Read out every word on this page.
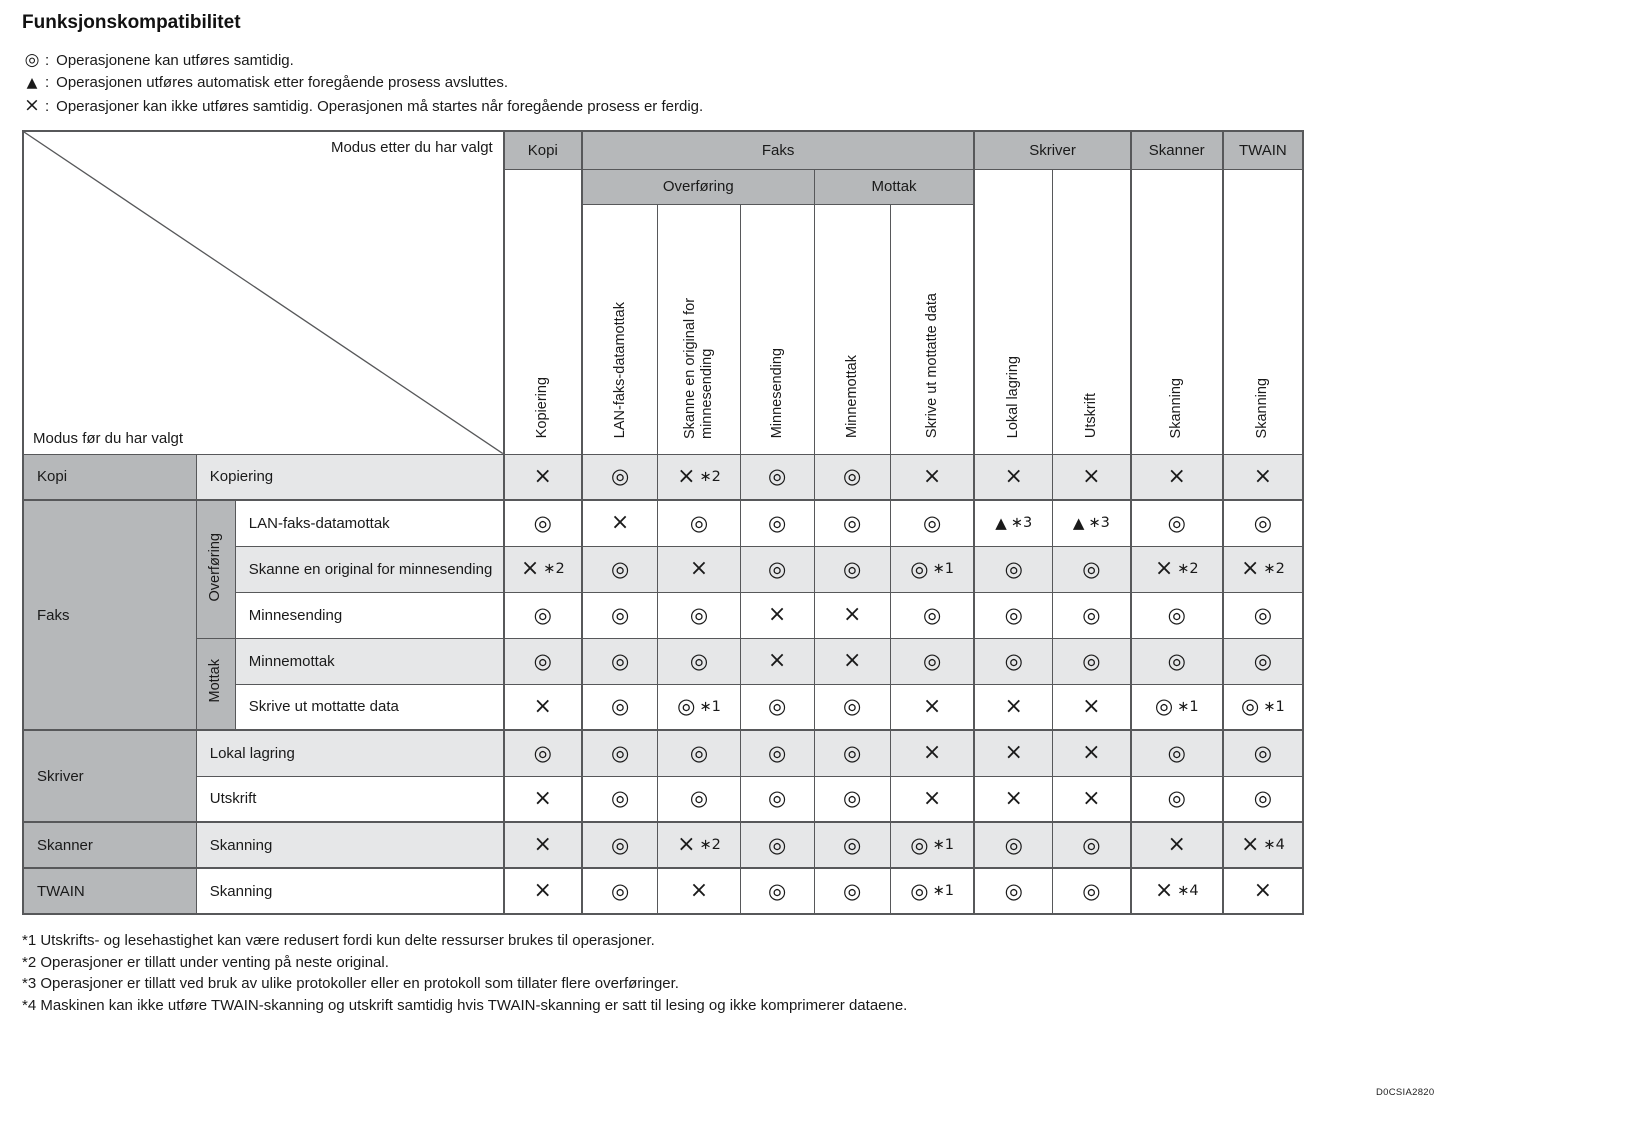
Funksjonskompatibilitet
◎ : Operasjonene kan utføres samtidig.
▲ : Operasjonen utføres automatisk etter foregående prosess avsluttes.
× : Operasjoner kan ikke utføres samtidig. Operasjonen må startes når foregående prosess er ferdig.
Modus etter du har valgt
Modus før du har valgt			Kopi	Faks					Skriver		Skanner	TWAIN
			Kopiering	Overføring			Mottak		Lokal lagring	Utskrift	Skanning	Skanning
				LAN-faks-datamottak	Skanne en original for minnesending	Minnesending	Minnemottak	Skrive ut mottatte data				
Kopi	Kopiering		×	◎	× ∗2	◎	◎	×	×	×	×	×
Faks	Overføring	LAN-faks-datamottak	◎	×	◎	◎	◎	◎	▲ ∗3	▲ ∗3	◎	◎
		Skanne en original for minnesending	× ∗2	◎	×	◎	◎	◎ ∗1	◎	◎	× ∗2	× ∗2
		Minnesending	◎	◎	◎	×	×	◎	◎	◎	◎	◎
	Mottak	Minnemottak	◎	◎	◎	×	×	◎	◎	◎	◎	◎
		Skrive ut mottatte data	×	◎	◎ ∗1	◎	◎	×	×	×	◎ ∗1	◎ ∗1
Skriver	Lokal lagring		◎	◎	◎	◎	◎	×	×	×	◎	◎
	Utskrift		×	◎	◎	◎	◎	×	×	×	◎	◎
Skanner	Skanning		×	◎	× ∗2	◎	◎	◎ ∗1	◎	◎	×	× ∗4
TWAIN	Skanning		×	◎	×	◎	◎	◎ ∗1	◎	◎	× ∗4	×

*1 Utskrifts- og lesehastighet kan være redusert fordi kun delte ressurser brukes til operasjoner.

*2 Operasjoner er tillatt under venting på neste original.

*3 Operasjoner er tillatt ved bruk av ulike protokoller eller en protokoll som tillater flere overføringer.

*4 Maskinen kan ikke utføre TWAIN-skanning og utskrift samtidig hvis TWAIN-skanning er satt til lesing og ikke komprimerer dataene.

D0CSIA2820
